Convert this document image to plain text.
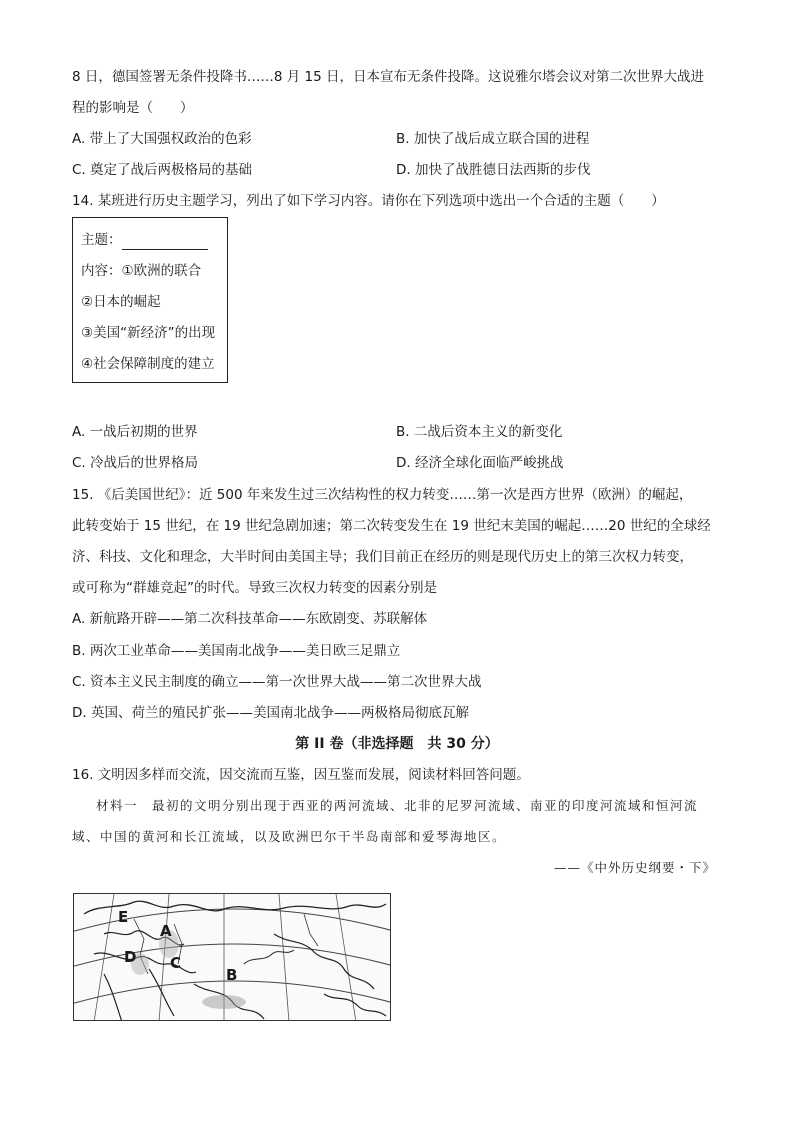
8 日，德国签署无条件投降书……8 月 15 日，日本宣布无条件投降。这说雅尔塔会议对第二次世界大战进
程的影响是（　　）
A. 带上了大国强权政治的色彩	B. 加快了战后成立联合国的进程
C. 奠定了战后两极格局的基础	D. 加快了战胜德日法西斯的步伐
14. 某班进行历史主题学习，列出了如下学习内容。请你在下列选项中选出一个合适的主题（　　）
主题：
内容：①欧洲的联合
②日本的崛起
③美国“新经济”的出现
④社会保障制度的建立
A. 一战后初期的世界	B. 二战后资本主义的新变化
C. 冷战后的世界格局	D. 经济全球化面临严峻挑战
15. 《后美国世纪》：近 500 年来发生过三次结构性的权力转变……第一次是西方世界（欧洲）的崛起，
此转变始于 15 世纪，在 19 世纪急剧加速；第二次转变发生在 19 世纪末美国的崛起……20 世纪的全球经
济、科技、文化和理念，大半时间由美国主导；我们目前正在经历的则是现代历史上的第三次权力转变，
或可称为“群雄竞起”的时代。导致三次权力转变的因素分别是
A. 新航路开辟——第二次科技革命——东欧剧变、苏联解体
B. 两次工业革命——美国南北战争——美日欧三足鼎立
C. 资本主义民主制度的确立——第一次世界大战——第二次世界大战
D. 英国、荷兰的殖民扩张——美国南北战争——两极格局彻底瓦解
第 II 卷（非选择题　共 30 分）
16. 文明因多样而交流，因交流而互鉴，因互鉴而发展，阅读材料回答问题。
材料一　最初的文明分别出现于西亚的两河流域、北非的尼罗河流域、南亚的印度河流域和恒河流
域、中国的黄河和长江流域，以及欧洲巴尔干半岛南部和爱琴海地区。
——《中外历史纲要・下》
E
A
D C
B
